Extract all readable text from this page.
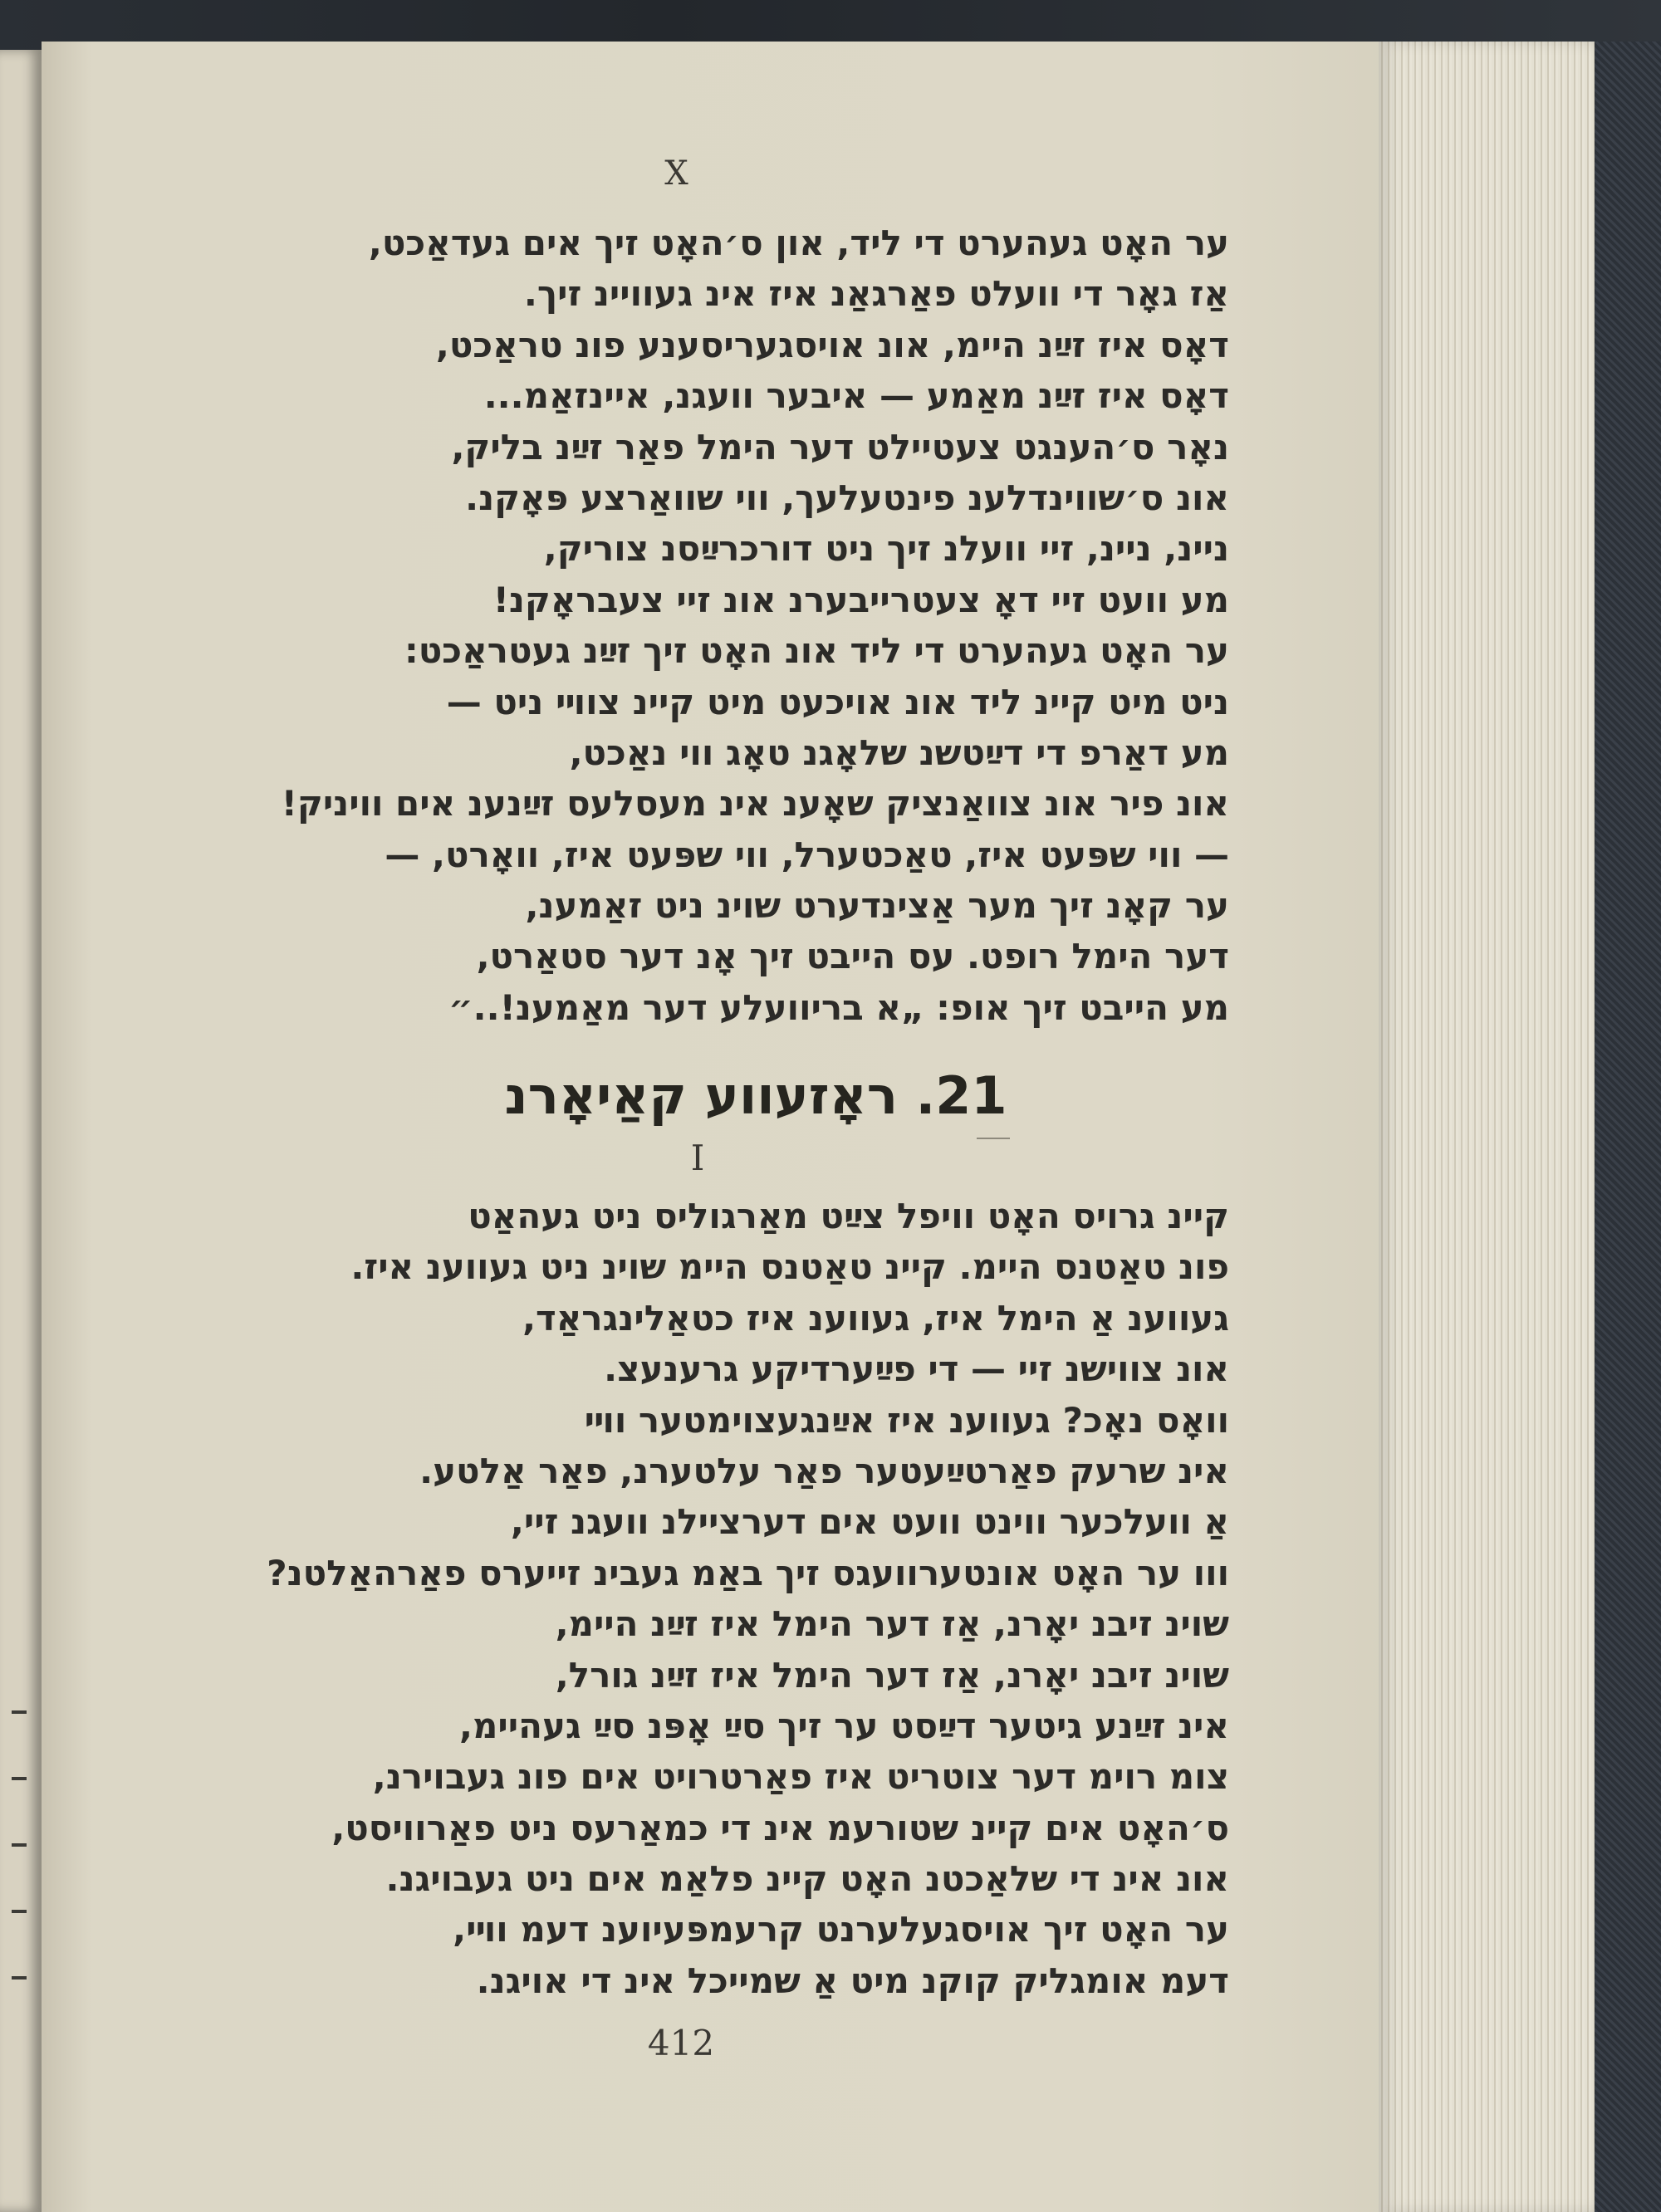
X
ער האָט געהערט די ליד, און ס׳האָט זיך אים געדאַכט,
אַז גאָר די וועלט פאַרגאַנ איז אינ געוויינ זיך.
דאָס איז זײַנ היימ, אונ אויסגעריסענע פונ טראַכט,
דאָס איז זײַנ מאַמע — איבער וועגנ, איינזאַמ...
נאָר ס׳הענגט צעטיילט דער הימל פאַר זײַנ בליק,
אונ ס׳שווינדלענ פינטעלעך, ווי שוואַרצע פּאָקנ.
ניינ, ניינ, זיי וועלנ זיך ניט דורכרײַסנ צוריק,
מע וועט זיי דאָ צעטרייבערנ אונ זיי צעבראָקנ!
ער האָט געהערט די ליד אונ האָט זיך זײַנ געטראַכט:
ניט מיט קיינ ליד אונ אויכעט מיט קיינ צווײ ניט —
מע דאַרפ די דײַטשנ שלאָגנ טאָג ווי נאַכט,
אונ פיר אונ צוואַנציק שאָענ אינ מעסלעס זײַנענ אים וויניק!
— ווי שפּעט איז, טאַכטערל, ווי שפּעט איז, וואָרט, —
ער קאָנ זיך מער אַצינדערט שוינ ניט זאַמענ,
דער הימל רופט. עס הייבט זיך אָנ דער סטאַרט,
מע הייבט זיך אופ: „א בריוועלע דער מאַמענ!..״
21. ראָזעווע קאַיאָרנ
I
קיינ גרויס האָט וויפל צײַט מאַרגוליס ניט געהאַט
פונ טאַטנס היימ. קיינ טאַטנס היימ שוינ ניט געווענ איז.
געווענ אַ הימל איז, געווענ איז כטאַלינגראַד,
אונ צווישנ זיי — די פײַערדיקע גרענעצ.
וואָס נאָכ? געווענ איז אײַנגעצוימטער ווײ
אינ שרעק פאַרטײַעטער פאַר עלטערנ, פאַר אַלטע.
אַ וועלכער ווינט וועט אים דערציילנ וועגנ זיי,
ווו ער האָט אונטערוועגס זיך באַמ געבינ זייערס פאַרהאַלטנ?
שוינ זיבנ יאָרנ, אַז דער הימל איז זײַנ היימ,
שוינ זיבנ יאָרנ, אַז דער הימל איז זײַנ גורל,
אינ זײַנע גיטער דײַסט ער זיך סײַ אָפּנ סײַ געהיימ,
צומ רוימ דער צוטריט איז פאַרטרויט אים פונ געבוירנ,
ס׳האָט אים קיינ שטורעמ אינ די כמאַרעס ניט פאַרוויסט,
אונ אינ די שלאַכטנ האָט קיינ פלאַמ אים ניט געבויגנ.
ער האָט זיך אויסגעלערנט קרעמפּעיוענ דעמ ווײ,
דעמ אומגליק קוקנ מיט אַ שמייכל אינ די אויגנ.
412
